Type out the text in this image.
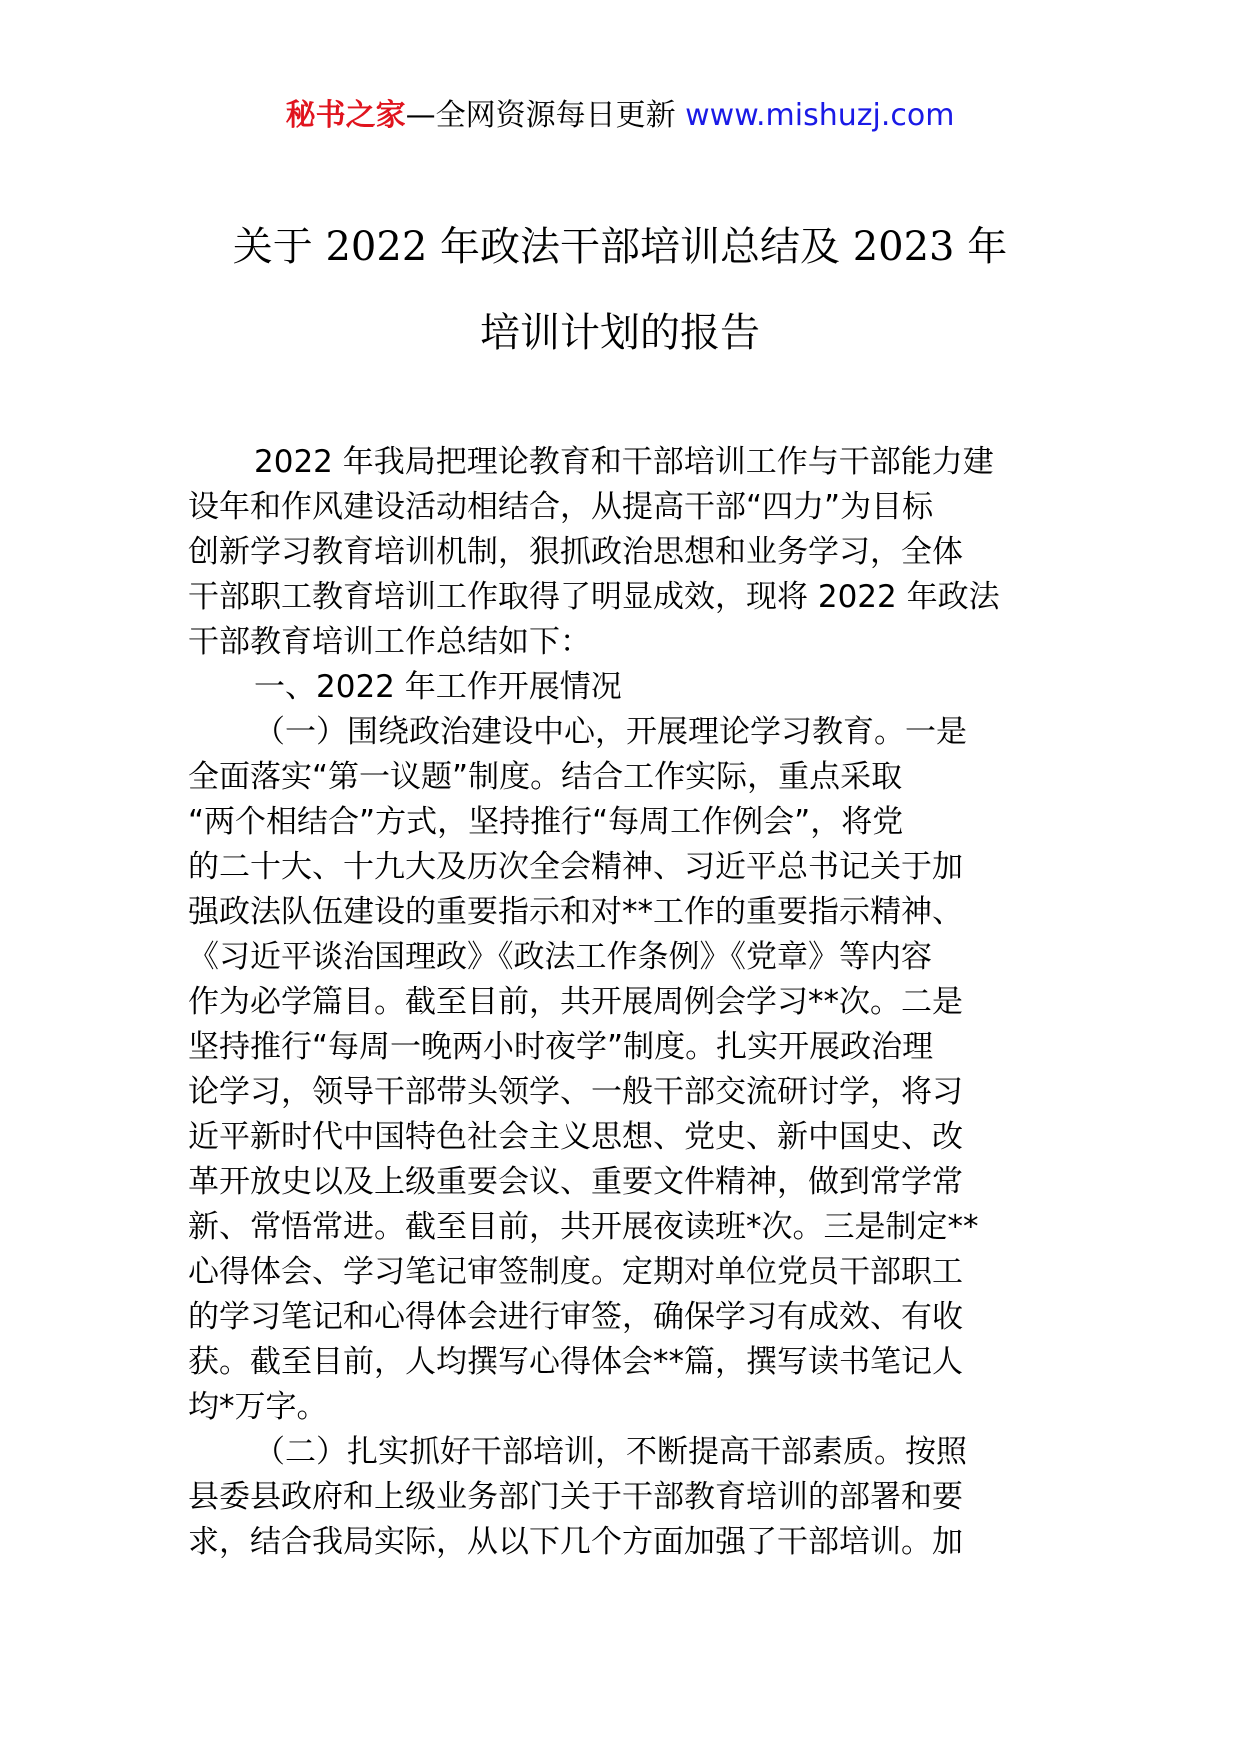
秘书之家—全网资源每日更新 www.mishuzj.com
关于 2022 年政法干部培训总结及 2023 年
培训计划的报告
2022 年我局把理论教育和干部培训工作与干部能力建
设年和作风建设活动相结合，从提高干部“四力”为目标
创新学习教育培训机制，狠抓政治思想和业务学习，全体
干部职工教育培训工作取得了明显成效，现将 2022 年政法
干部教育培训工作总结如下：
一、2022 年工作开展情况
（一）围绕政治建设中心，开展理论学习教育。一是
全面落实“第一议题”制度。结合工作实际，重点采取
“两个相结合”方式，坚持推行“每周工作例会”，将党
的二十大、十九大及历次全会精神、习近平总书记关于加
强政法队伍建设的重要指示和对**工作的重要指示精神、
《习近平谈治国理政》《政法工作条例》《党章》等内容
作为必学篇目。截至目前，共开展周例会学习**次。二是
坚持推行“每周一晚两小时夜学”制度。扎实开展政治理
论学习，领导干部带头领学、一般干部交流研讨学，将习
近平新时代中国特色社会主义思想、党史、新中国史、改
革开放史以及上级重要会议、重要文件精神，做到常学常
新、常悟常进。截至目前，共开展夜读班*次。三是制定**
心得体会、学习笔记审签制度。定期对单位党员干部职工
的学习笔记和心得体会进行审签，确保学习有成效、有收
获。截至目前，人均撰写心得体会**篇，撰写读书笔记人
均*万字。
（二）扎实抓好干部培训，不断提高干部素质。按照
县委县政府和上级业务部门关于干部教育培训的部署和要
求，结合我局实际，从以下几个方面加强了干部培训。加
